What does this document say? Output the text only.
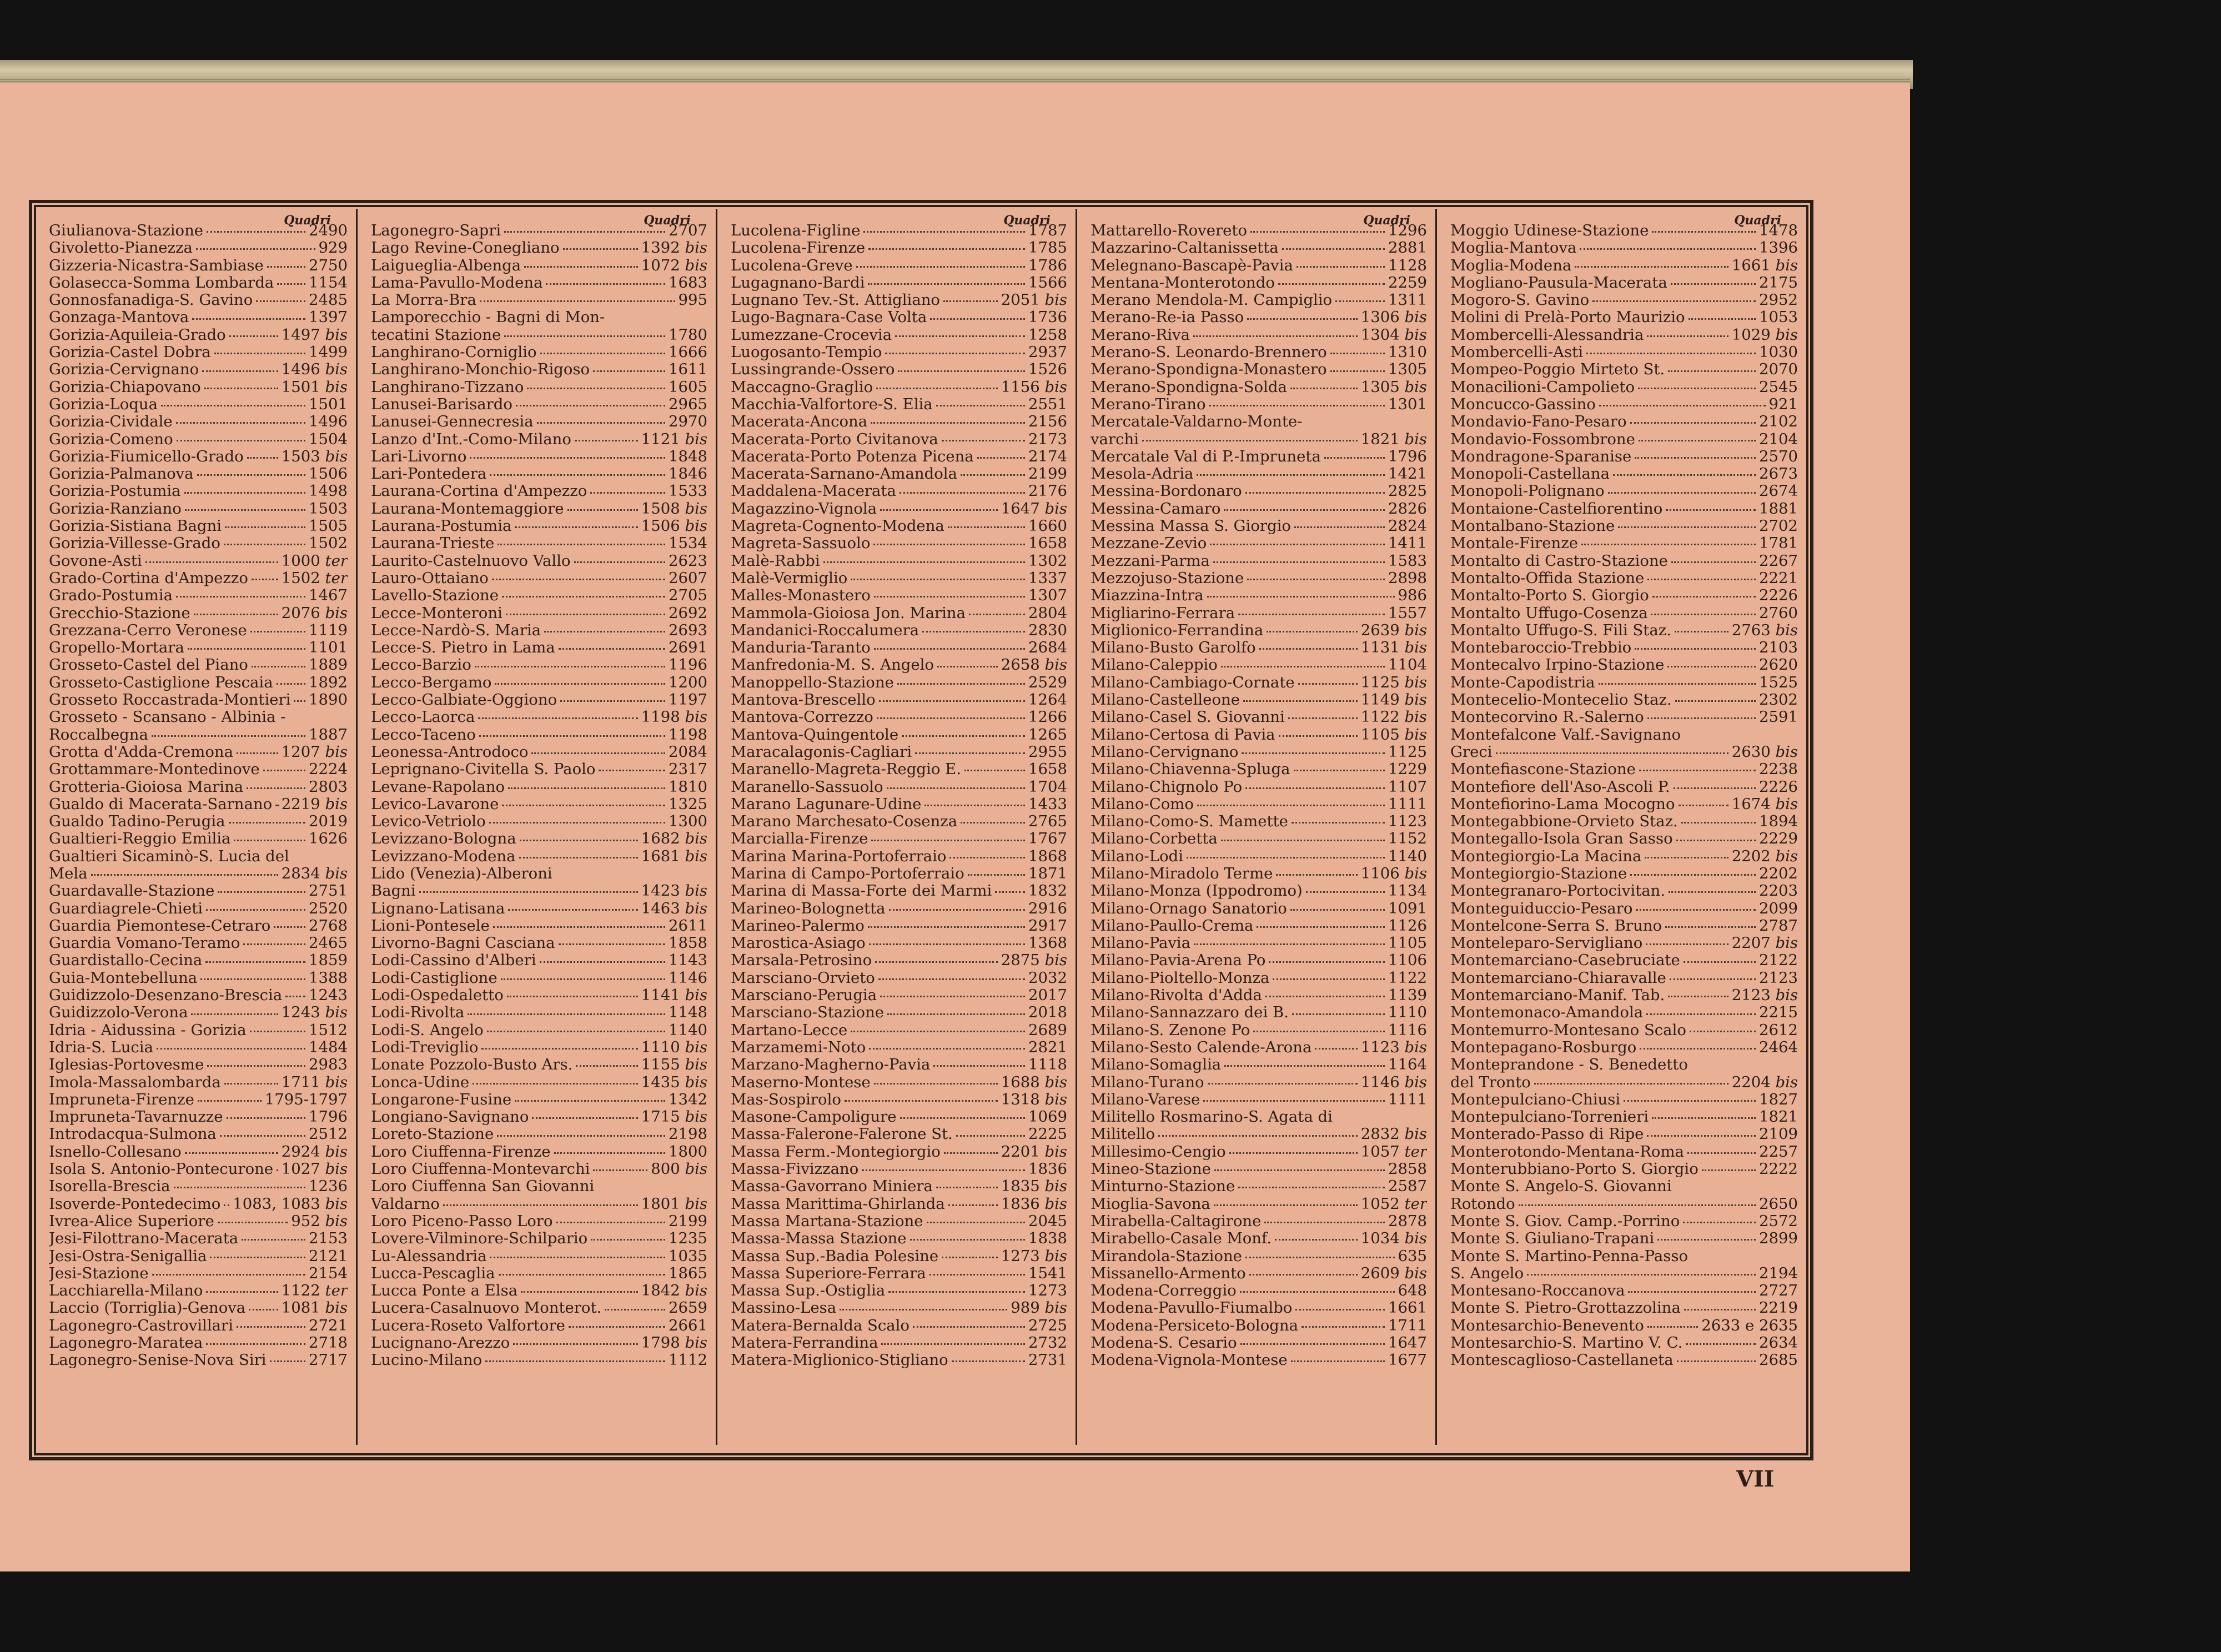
Quadri
Giulianova-Stazione	2490
Givoletto-Pianezza	929
Gizzeria-Nicastra-Sambiase	2750
Golasecca-Somma Lombarda 1154
Gonnosfanadiga-S. Gavino	2485
Gonzaga-Mantova	1397
Gorizia-Aquileia-Grado	1497 bis
Gorizia-Castel Dobra	1499
Gorizia-Cervignano	1496 bis
Gorizia-Chiapovano	1501 bis
Gorizia-Loqua	1501
Gorizia-Cividale	1496
Gorizia-Comeno	1504
Gorizia-Fiumicello-Grado 1503 bis
Gorizia-Palmanova	1506
Gorizia-Postumia	1498
Gorizia-Ranziano	1503
Gorizia-Sistiana Bagni	1505
Gorizia-Villesse-Grado	1502
Govone-Asti	1000 ter
Grado-Cortina d'Ampezzo 1502 ter
Grado-Postumia	1467
Grecchio-Stazione	2076 bis
Grezzana-Cerro Veronese	1119
Gropello-Mortara	1101
Grosseto-Castel del Piano	1889
Grosseto-Castiglione Pescaia 1892
Grosseto Roccastrada-Montieri 1890
Grosseto - Scansano - Albinia -
Roccalbegna	1887
Grotta d'Adda-Cremona	1207 bis
Grottammare-Montedinove	2224
Grotteria-Gioiosa Marina	2803
Gualdo di Macerata-Sarnano 2219 bis
Gualdo Tadino-Perugia	2019
Gualtieri-Reggio Emilia	1626
Gualtieri Sicaminò-S. Lucia del
Mela	2834 bis
Guardavalle-Stazione	2751
Guardiagrele-Chieti	2520
Guardia Piemontese-Cetraro 2768
Guardia Vomano-Teramo	2465
Guardistallo-Cecina	1859
Guia-Montebelluna	1388
Guidizzolo-Desenzano-Brescia 1243
Guidizzolo-Verona	1243 bis
Idria - Aidussina - Gorizia	1512
Idria-S. Lucia	1484
Iglesias-Portovesme	2983
Imola-Massalombarda	1711 bis
Impruneta-Firenze	1795-1797
Impruneta-Tavarnuzze	1796
Introdacqua-Sulmona	2512
Isnello-Collesano	2924 bis
Isola S. Antonio-Pontecurone 1027 bis
Isorella-Brescia	1236
Isoverde-Pontedecimo 1083, 1083 bis
Ivrea-Alice Superiore	952 bis
Jesi-Filottrano-Macerata	2153
Jesi-Ostra-Senigallia	2121
Jesi-Stazione	2154
Lacchiarella-Milano	1122 ter
Laccio (Torriglia)-Genova 1081 bis
Lagonegro-Castrovillari	2721
Lagonegro-Maratea	2718
Lagonegro-Senise-Nova Siri	2717
Quadri
Lagonegro-Sapri	2707
Lago Revine-Conegliano	1392 bis
Laigueglia-Albenga	1072 bis
Lama-Pavullo-Modena	1683
La Morra-Bra	995
Lamporecchio - Bagni di Mon-
tecatini Stazione	1780
Langhirano-Corniglio	1666
Langhirano-Monchio-Rigoso	1611
Langhirano-Tizzano	1605
Lanusei-Barisardo	2965
Lanusei-Gennecresia	2970
Lanzo d'Int.-Como-Milano	1121 bis
Lari-Livorno	1848
Lari-Pontedera	1846
Laurana-Cortina d'Ampezzo	1533
Laurana-Montemaggiore	1508 bis
Laurana-Postumia	1506 bis
Laurana-Trieste	1534
Laurito-Castelnuovo Vallo	2623
Lauro-Ottaiano	2607
Lavello-Stazione	2705
Lecce-Monteroni	2692
Lecce-Nardò-S. Maria	2693
Lecce-S. Pietro in Lama	2691
Lecco-Barzio	1196
Lecco-Bergamo	1200
Lecco-Galbiate-Oggiono	1197
Lecco-Laorca	1198 bis
Lecco-Taceno	1198
Leonessa-Antrodoco	2084
Leprignano-Civitella S. Paolo	2317
Levane-Rapolano	1810
Levico-Lavarone	1325
Levico-Vetriolo	1300
Levizzano-Bologna	1682 bis
Levizzano-Modena	1681 bis
Lido (Venezia)-Alberoni
Bagni	1423 bis
Lignano-Latisana	1463 bis
Lioni-Pontesele	2611
Livorno-Bagni Casciana	1858
Lodi-Cassino d'Alberi	1143
Lodi-Castiglione	1146
Lodi-Ospedaletto	1141 bis
Lodi-Rivolta	1148
Lodi-S. Angelo	1140
Lodi-Treviglio	1110 bis
Lonate Pozzolo-Busto Ars.	1155 bis
Lonca-Udine	1435 bis
Longarone-Fusine	1342
Longiano-Savignano	1715 bis
Loreto-Stazione	2198
Loro Ciuffenna-Firenze	1800
Loro Ciuffenna-Montevarchi	800 bis
Loro Ciuffenna San Giovanni
Valdarno	1801 bis
Loro Piceno-Passo Loro	2199
Lovere-Vilminore-Schilpario	1235
Lu-Alessandria	1035
Lucca-Pescaglia	1865
Lucca Ponte a Elsa	1842 bis
Lucera-Casalnuovo Monterot.	2659
Lucera-Roseto Valfortore	2661
Lucignano-Arezzo	1798 bis
Lucino-Milano	1112
Quadri
Lucolena-Figline	1787
Lucolena-Firenze	1785
Lucolena-Greve	1786
Lugagnano-Bardi	1566
Lugnano Tev.-St. Attigliano	2051 bis
Lugo-Bagnara-Case Volta	1736
Lumezzane-Crocevia	1258
Luogosanto-Tempio	2937
Lussingrande-Ossero	1526
Maccagno-Graglio	1156 bis
Macchia-Valfortore-S. Elia	2551
Macerata-Ancona	2156
Macerata-Porto Civitanova	2173
Macerata-Porto Potenza Picena	2174
Macerata-Sarnano-Amandola	2199
Maddalena-Macerata	2176
Magazzino-Vignola	1647 bis
Magreta-Cognento-Modena	1660
Magreta-Sassuolo	1658
Malè-Rabbi	1302
Malè-Vermiglio	1337
Malles-Monastero	1307
Mammola-Gioiosa Jon. Marina	2804
Mandanici-Roccalumera	2830
Manduria-Taranto	2684
Manfredonia-M. S. Angelo	2658 bis
Manoppello-Stazione	2529
Mantova-Brescello	1264
Mantova-Correzzo	1266
Mantova-Quingentole	1265
Maracalagonis-Cagliari	2955
Maranello-Magreta-Reggio E.	1658
Maranello-Sassuolo	1704
Marano Lagunare-Udine	1433
Marano Marchesato-Cosenza	2765
Marcialla-Firenze	1767
Marina Marina-Portoferraio	1868
Marina di Campo-Portoferraio	1871
Marina di Massa-Forte dei Marmi 1832
Marineo-Bolognetta	2916
Marineo-Palermo	2917
Marostica-Asiago	1368
Marsala-Petrosino	2875 bis
Marsciano-Orvieto	2032
Marsciano-Perugia	2017
Marsciano-Stazione	2018
Martano-Lecce	2689
Marzamemi-Noto	2821
Marzano-Magherno-Pavia	1118
Maserno-Montese	1688 bis
Mas-Sospirolo	1318 bis
Masone-Campoligure	1069
Massa-Falerone-Falerone St.	2225
Massa Ferm.-Montegiorgio	2201 bis
Massa-Fivizzano	1836
Massa-Gavorrano Miniera	1835 bis
Massa Marittima-Ghirlanda	1836 bis
Massa Martana-Stazione	2045
Massa-Massa Stazione	1838
Massa Sup.-Badia Polesine	1273 bis
Massa Superiore-Ferrara	1541
Massa Sup.-Ostiglia	1273
Massino-Lesa	989 bis
Matera-Bernalda Scalo	2725
Matera-Ferrandina	2732
Matera-Miglionico-Stigliano	2731
Quadri
Mattarello-Rovereto	1296
Mazzarino-Caltanissetta	2881
Melegnano-Bascapè-Pavia	1128
Mentana-Monterotondo	2259
Merano Mendola-M. Campiglio	1311
Merano-Re-ia Passo	1306 bis
Merano-Riva	1304 bis
Merano-S. Leonardo-Brennero	1310
Merano-Spondigna-Monastero	1305
Merano-Spondigna-Solda	1305 bis
Merano-Tirano	1301
Mercatale-Valdarno-Monte-
varchi	1821 bis
Mercatale Val di P.-Impruneta	1796
Mesola-Adria	1421
Messina-Bordonaro	2825
Messina-Camaro	2826
Messina Massa S. Giorgio	2824
Mezzane-Zevio	1411
Mezzani-Parma	1583
Mezzojuso-Stazione	2898
Miazzina-Intra	986
Migliarino-Ferrara	1557
Miglionico-Ferrandina	2639 bis
Milano-Busto Garolfo	1131 bis
Milano-Caleppio	1104
Milano-Cambiago-Cornate	1125 bis
Milano-Castelleone	1149 bis
Milano-Casel S. Giovanni	1122 bis
Milano-Certosa di Pavia	1105 bis
Milano-Cervignano	1125
Milano-Chiavenna-Spluga	1229
Milano-Chignolo Po	1107
Milano-Como	1111
Milano-Como-S. Mamette	1123
Milano-Corbetta	1152
Milano-Lodi	1140
Milano-Miradolo Terme	1106 bis
Milano-Monza (Ippodromo)	1134
Milano-Ornago Sanatorio	1091
Milano-Paullo-Crema	1126
Milano-Pavia	1105
Milano-Pavia-Arena Po	1106
Milano-Pioltello-Monza	1122
Milano-Rivolta d'Adda	1139
Milano-Sannazzaro dei B.	1110
Milano-S. Zenone Po	1116
Milano-Sesto Calende-Arona	1123 bis
Milano-Somaglia	1164
Milano-Turano	1146 bis
Milano-Varese	1111
Militello Rosmarino-S. Agata di
Militello	2832 bis
Millesimo-Cengio	1057 ter
Mineo-Stazione	2858
Minturno-Stazione	2587
Mioglia-Savona	1052 ter
Mirabella-Caltagirone	2878
Mirabello-Casale Monf.	1034 bis
Mirandola-Stazione	635
Missanello-Armento	2609 bis
Modena-Correggio	648
Modena-Pavullo-Fiumalbo	1661
Modena-Persiceto-Bologna	1711
Modena-S. Cesario	1647
Modena-Vignola-Montese	1677
Quadri
Moggio Udinese-Stazione	1478
Moglia-Mantova	1396
Moglia-Modena	1661 bis
Mogliano-Pausula-Macerata	2175
Mogoro-S. Gavino	2952
Molini di Prelà-Porto Maurizio	1053
Mombercelli-Alessandria	1029 bis
Mombercelli-Asti	1030
Mompeo-Poggio Mirteto St.	2070
Monacilioni-Campolieto	2545
Moncucco-Gassino	921
Mondavio-Fano-Pesaro	2102
Mondavio-Fossombrone	2104
Mondragone-Sparanise	2570
Monopoli-Castellana	2673
Monopoli-Polignano	2674
Montaione-Castelfiorentino	1881
Montalbano-Stazione	2702
Montale-Firenze	1781
Montalto di Castro-Stazione	2267
Montalto-Offida Stazione	2221
Montalto-Porto S. Giorgio	2226
Montalto Uffugo-Cosenza	2760
Montalto Uffugo-S. Fili Staz.	2763 bis
Montebaroccio-Trebbio	2103
Montecalvo Irpino-Stazione	2620
Monte-Capodistria	1525
Montecelio-Montecelio Staz.	2302
Montecorvino R.-Salerno	2591
Montefalcone Valf.-Savignano
Greci	2630 bis
Montefiascone-Stazione	2238
Montefiore dell'Aso-Ascoli P.	2226
Montefiorino-Lama Mocogno	1674 bis
Montegabbione-Orvieto Staz.	1894
Montegallo-Isola Gran Sasso	2229
Montegiorgio-La Macina	2202 bis
Montegiorgio-Stazione	2202
Montegranaro-Portocivitan.	2203
Monteguiduccio-Pesaro	2099
Montelcone-Serra S. Bruno	2787
Monteleparo-Servigliano	2207 bis
Montemarciano-Casebruciate	2122
Montemarciano-Chiaravalle	2123
Montemarciano-Manif. Tab.	2123 bis
Montemonaco-Amandola	2215
Montemurro-Montesano Scalo	2612
Montepagano-Rosburgo	2464
Monteprandone - S. Benedetto
del Tronto	2204 bis
Montepulciano-Chiusi	1827
Montepulciano-Torrenieri	1821
Monterado-Passo di Ripe	2109
Monterotondo-Mentana-Roma	2257
Monterubbiano-Porto S. Giorgio	2222
Monte S. Angelo-S. Giovanni
Rotondo	2650
Monte S. Giov. Camp.-Porrino	2572
Monte S. Giuliano-Trapani	2899
Monte S. Martino-Penna-Passo
S. Angelo	2194
Montesano-Roccanova	2727
Monte S. Pietro-Grottazzolina	2219
Montesarchio-Benevento	2633 e 2635
Montesarchio-S. Martino V. C.	2634
Montescaglioso-Castellaneta	2685
VII
